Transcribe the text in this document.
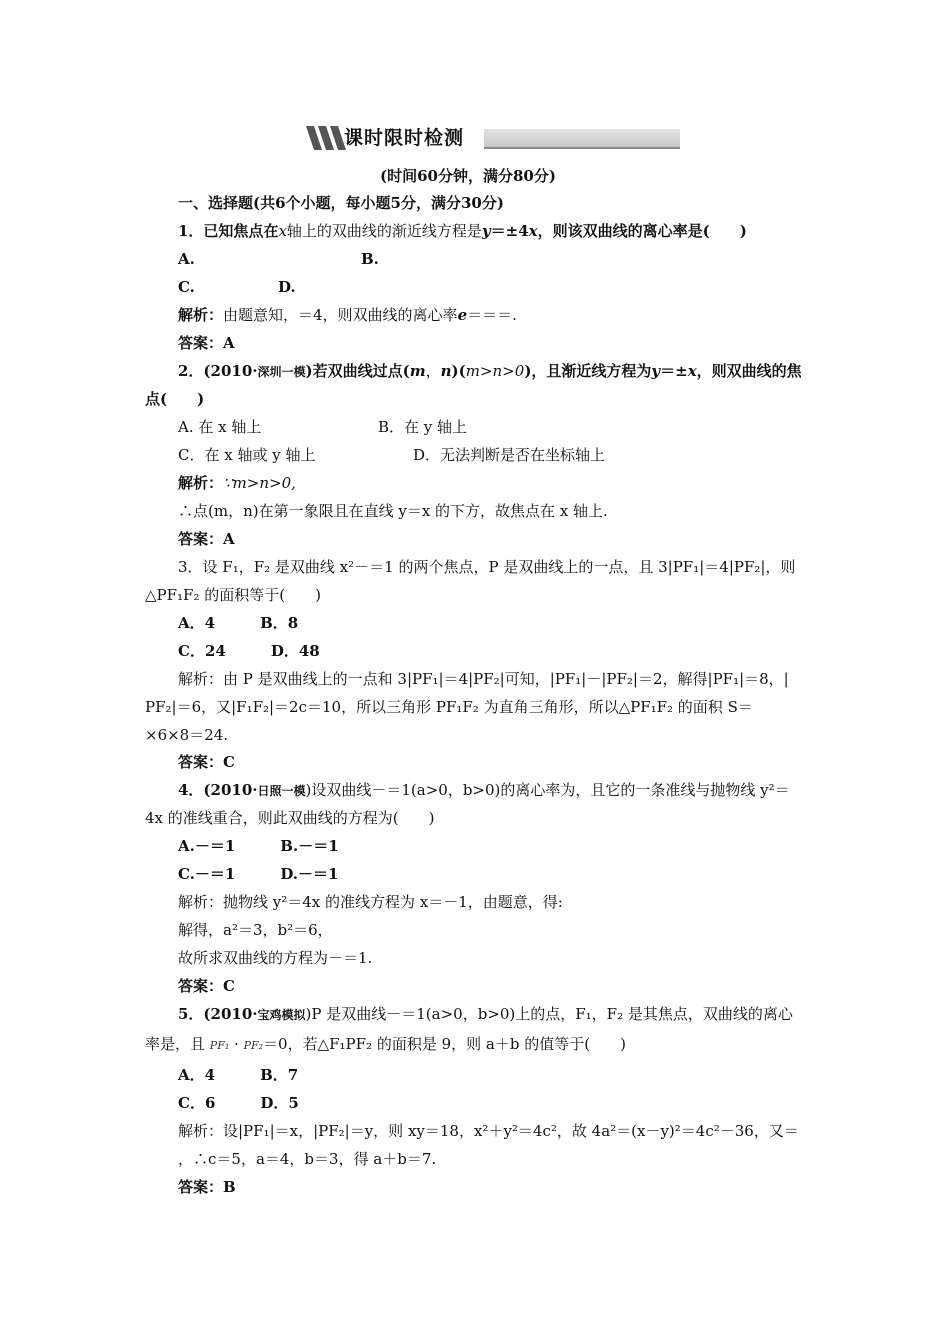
课时限时检测
(时间60分钟，满分80分)
一、选择题(共6个小题，每小题5分，满分30分)
1．已知焦点在x轴上的双曲线的渐近线方程是y＝±4x，则该双曲线的离心率是(　　)
A.	B.
C.	D.
解析：由题意知，＝4，则双曲线的离心率e＝＝＝.
答案：A
2．(2010·深圳一模)若双曲线过点(m，n)(m>n>0)，且渐近线方程为y＝±x，则双曲线的焦
点(　　)
A. 在 x 轴上	B．在 y 轴上
C．在 x 轴或 y 轴上	D．无法判断是否在坐标轴上
解析：∵m>n>0,
∴点(m，n)在第一象限且在直线 y＝x 的下方，故焦点在 x 轴上.
答案：A
3．设 F₁，F₂ 是双曲线 x²－＝1 的两个焦点，P 是双曲线上的一点，且 3|PF₁|＝4|PF₂|，则
△PF₁F₂ 的面积等于(　　)
A．4　　　B．8
C．24　　　D．48
解析：由 P 是双曲线上的一点和 3|PF₁|＝4|PF₂|可知，|PF₁|－|PF₂|＝2，解得|PF₁|＝8，|
PF₂|＝6，又|F₁F₂|＝2c＝10，所以三角形 PF₁F₂ 为直角三角形，所以△PF₁F₂ 的面积 S＝
×6×8＝24.
答案：C
4．(2010·日照一模)设双曲线－＝1(a>0，b>0)的离心率为，且它的一条准线与抛物线 y²＝
4x 的准线重合，则此双曲线的方程为(　　)
A.－＝1　　　B.－＝1
C.－＝1　　　D.－＝1
解析：抛物线 y²＝4x 的准线方程为 x＝－1，由题意，得:
解得，a²＝3，b²＝6，
故所求双曲线的方程为－＝1.
答案：C
5．(2010·宝鸡模拟)P 是双曲线－＝1(a>0，b>0)上的点，F₁，F₂ 是其焦点，双曲线的离心
率是，且 PF₁ · PF₂＝0，若△F₁PF₂ 的面积是 9，则 a＋b 的值等于(　　)
A．4　　　B．7
C．6　　　D．5
解析：设|PF₁|＝x，|PF₂|＝y，则 xy＝18，x²＋y²＝4c²，故 4a²＝(x－y)²＝4c²－36，又＝
，∴c＝5，a＝4，b＝3，得 a＋b＝7.
答案：B
